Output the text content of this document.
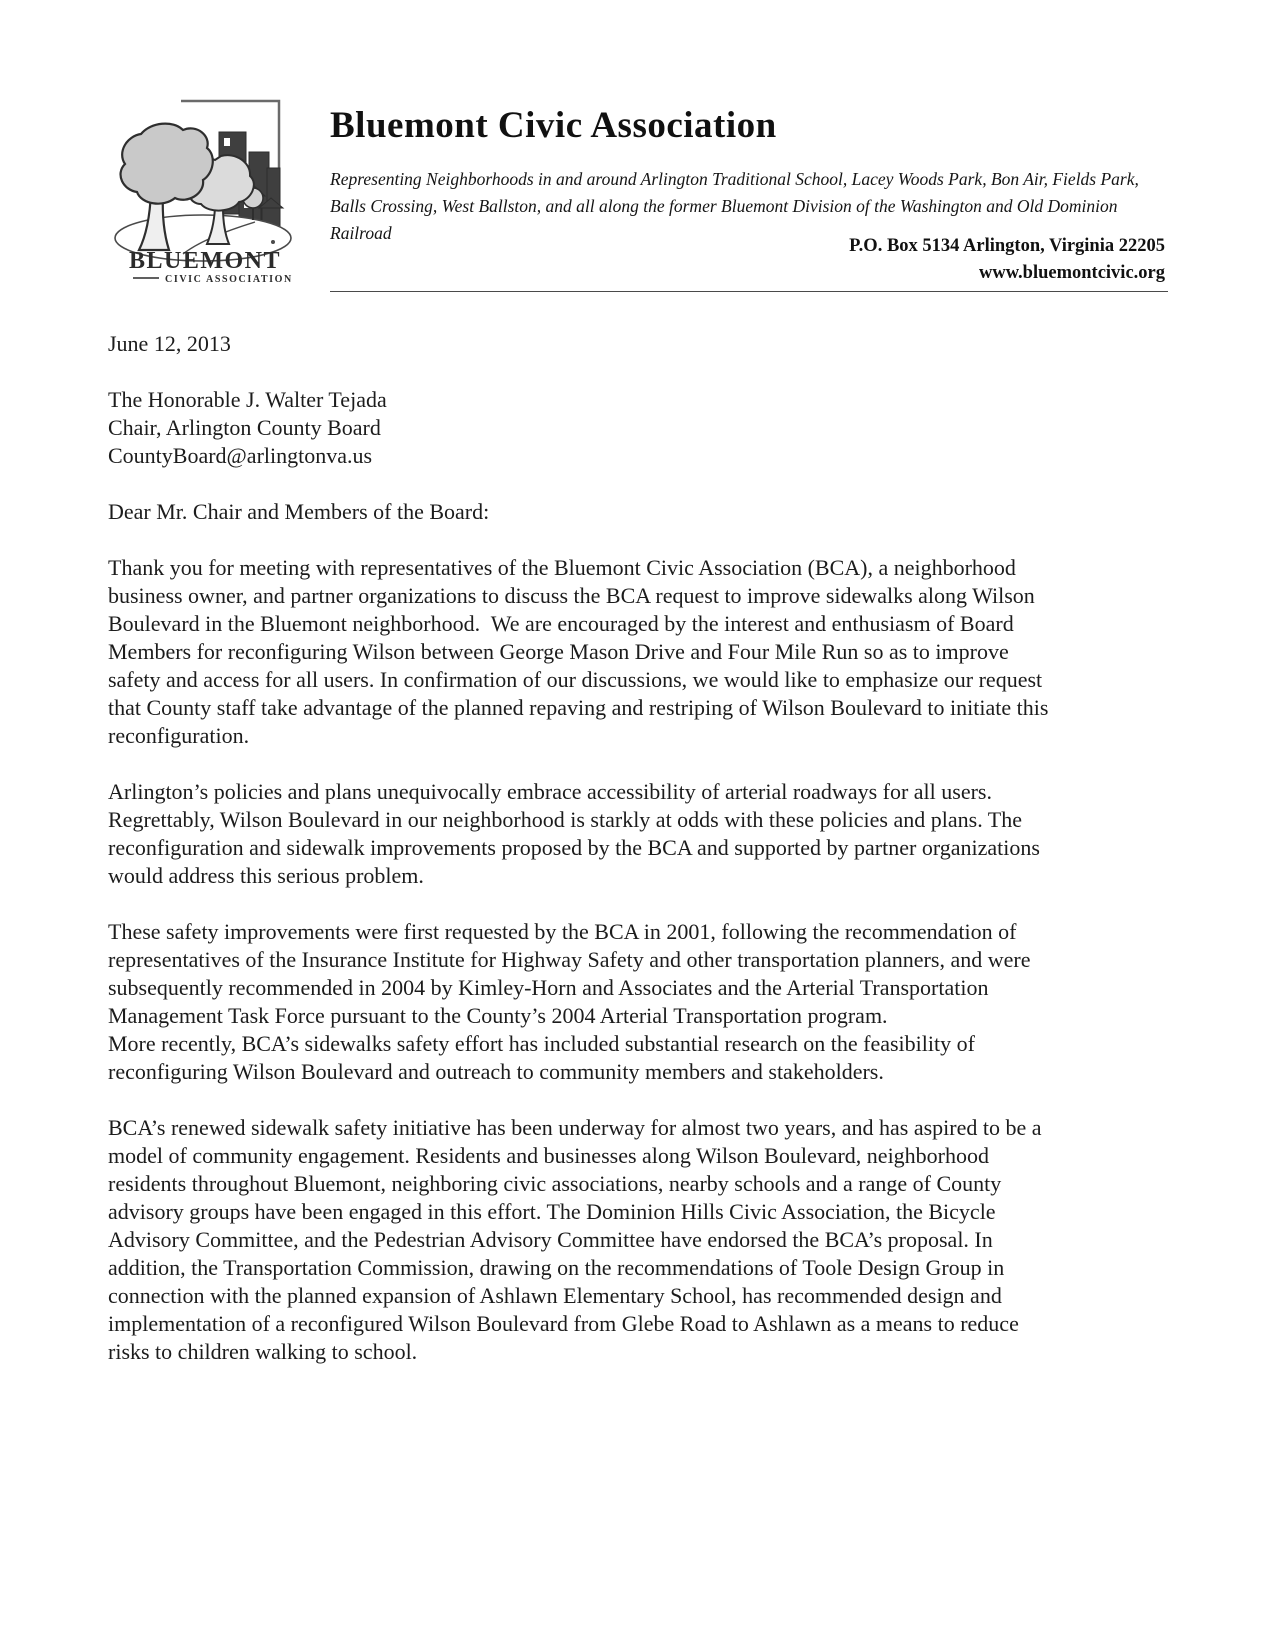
BLUEMONT
CIVIC ASSOCIATION
Bluemont Civic Association
Representing Neighborhoods in and around Arlington Traditional School, Lacey Woods Park, Bon Air, Fields Park,
Balls Crossing, West Ballston, and all along the former Bluemont Division of the Washington and Old Dominion
Railroad
P.O. Box 5134 Arlington, Virginia 22205
www.bluemontcivic.org
June 12, 2013
The Honorable J. Walter Tejada
Chair, Arlington County Board
CountyBoard@arlingtonva.us
Dear Mr. Chair and Members of the Board:
Thank you for meeting with representatives of the Bluemont Civic Association (BCA), a neighborhood
business owner, and partner organizations to discuss the BCA request to improve sidewalks along Wilson
Boulevard in the Bluemont neighborhood.  We are encouraged by the interest and enthusiasm of Board
Members for reconfiguring Wilson between George Mason Drive and Four Mile Run so as to improve
safety and access for all users. In confirmation of our discussions, we would like to emphasize our request
that County staff take advantage of the planned repaving and restriping of Wilson Boulevard to initiate this
reconfiguration.
Arlington’s policies and plans unequivocally embrace accessibility of arterial roadways for all users.
Regrettably, Wilson Boulevard in our neighborhood is starkly at odds with these policies and plans. The
reconfiguration and sidewalk improvements proposed by the BCA and supported by partner organizations
would address this serious problem.
These safety improvements were first requested by the BCA in 2001, following the recommendation of
representatives of the Insurance Institute for Highway Safety and other transportation planners, and were
subsequently recommended in 2004 by Kimley-Horn and Associates and the Arterial Transportation
Management Task Force pursuant to the County’s 2004 Arterial Transportation program.
More recently, BCA’s sidewalks safety effort has included substantial research on the feasibility of
reconfiguring Wilson Boulevard and outreach to community members and stakeholders.
BCA’s renewed sidewalk safety initiative has been underway for almost two years, and has aspired to be a
model of community engagement. Residents and businesses along Wilson Boulevard, neighborhood
residents throughout Bluemont, neighboring civic associations, nearby schools and a range of County
advisory groups have been engaged in this effort. The Dominion Hills Civic Association, the Bicycle
Advisory Committee, and the Pedestrian Advisory Committee have endorsed the BCA’s proposal. In
addition, the Transportation Commission, drawing on the recommendations of Toole Design Group in
connection with the planned expansion of Ashlawn Elementary School, has recommended design and
implementation of a reconfigured Wilson Boulevard from Glebe Road to Ashlawn as a means to reduce
risks to children walking to school.
